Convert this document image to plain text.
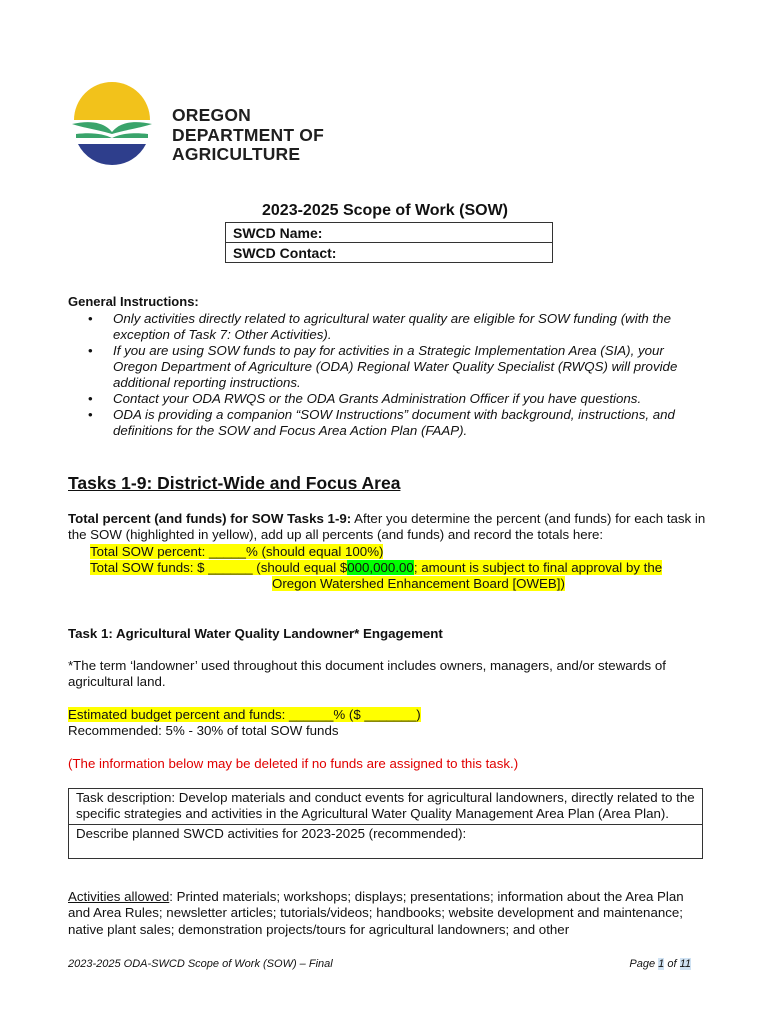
OREGON
DEPARTMENT OF
AGRICULTURE
2023-2025 Scope of Work (SOW)
SWCD Name:
SWCD Contact:
General Instructions:
• Only activities directly related to agricultural water quality are eligible for SOW funding (with the exception of Task 7: Other Activities).
• If you are using SOW funds to pay for activities in a Strategic Implementation Area (SIA), your Oregon Department of Agriculture (ODA) Regional Water Quality Specialist (RWQS) will provide additional reporting instructions.
• Contact your ODA RWQS or the ODA Grants Administration Officer if you have questions.
• ODA is providing a companion “SOW Instructions” document with background, instructions, and definitions for the SOW and Focus Area Action Plan (FAAP).
Tasks 1-9: District-Wide and Focus Area
Total percent (and funds) for SOW Tasks 1-9: After you determine the percent (and funds) for each task in the SOW (highlighted in yellow), add up all percents (and funds) and record the totals here:
Total SOW percent: _____% (should equal 100%)
Total SOW funds: $ ______ (should equal $000,000.00; amount is subject to final approval by the
Oregon Watershed Enhancement Board [OWEB])
Task 1: Agricultural Water Quality Landowner* Engagement
*The term ‘landowner’ used throughout this document includes owners, managers, and/or stewards of agricultural land.
Estimated budget percent and funds: ______% ($ _______)
Recommended: 5% - 30% of total SOW funds
(The information below may be deleted if no funds are assigned to this task.)
Task description: Develop materials and conduct events for agricultural landowners, directly related to the specific strategies and activities in the Agricultural Water Quality Management Area Plan (Area Plan).
Describe planned SWCD activities for 2023-2025 (recommended):
Activities allowed: Printed materials; workshops; displays; presentations; information about the Area Plan and Area Rules; newsletter articles; tutorials/videos; handbooks; website development and maintenance; native plant sales; demonstration projects/tours for agricultural landowners; and other
2023-2025 ODA-SWCD Scope of Work (SOW) – Final	Page 1 of 11
